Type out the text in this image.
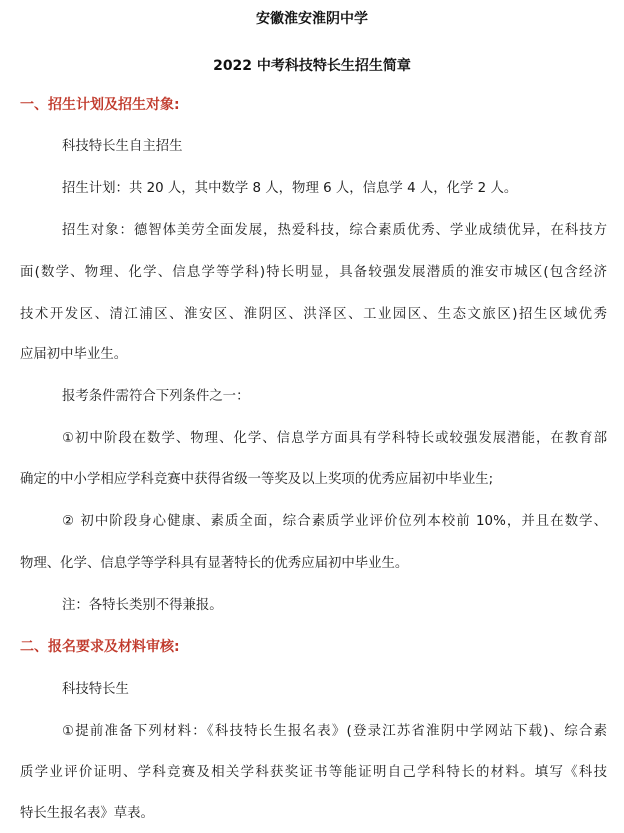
安徽淮安淮阴中学
2022 中考科技特长生招生简章
一、招生计划及招生对象:
科技特长生自主招生
招生计划：共 20 人，其中数学 8 人，物理 6 人，信息学 4 人，化学 2 人。
招生对象：德智体美劳全面发展，热爱科技，综合素质优秀、学业成绩优异，在科技方
面(数学、物理、化学、信息学等学科)特长明显，具备较强发展潜质的淮安市城区(包含经济
技术开发区、清江浦区、淮安区、淮阴区、洪泽区、工业园区、生态文旅区)招生区域优秀
应届初中毕业生。
报考条件需符合下列条件之一：
①初中阶段在数学、物理、化学、信息学方面具有学科特长或较强发展潜能，在教育部
确定的中小学相应学科竞赛中获得省级一等奖及以上奖项的优秀应届初中毕业生;
② 初中阶段身心健康、素质全面，综合素质学业评价位列本校前 10%，并且在数学、
物理、化学、信息学等学科具有显著特长的优秀应届初中毕业生。
注：各特长类别不得兼报。
二、报名要求及材料审核:
科技特长生
①提前准备下列材料：《科技特长生报名表》(登录江苏省淮阴中学网站下载)、综合素
质学业评价证明、学科竞赛及相关学科获奖证书等能证明自己学科特长的材料。填写《科技
特长生报名表》草表。
